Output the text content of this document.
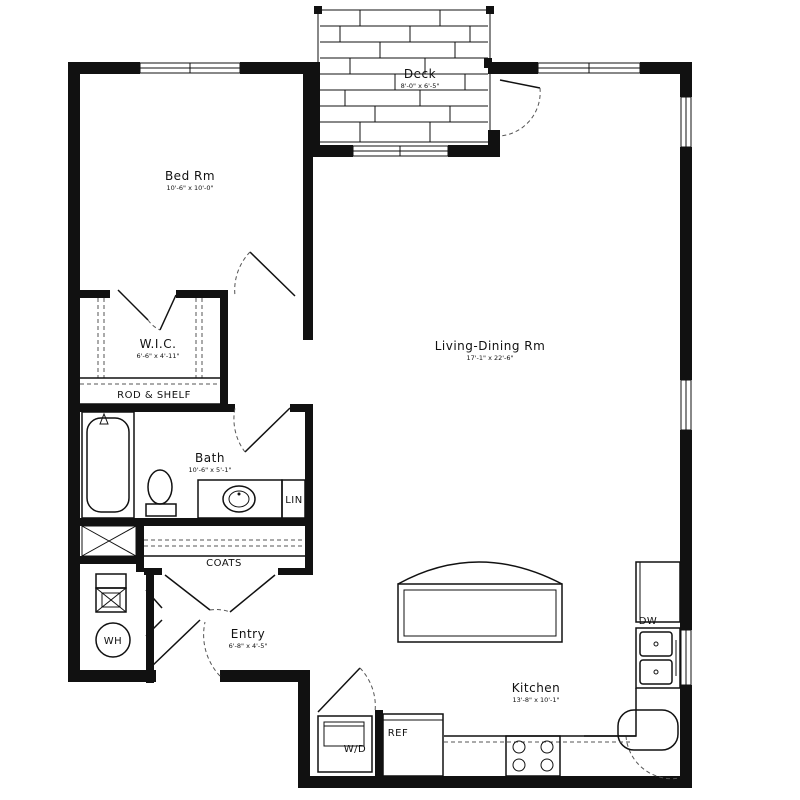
Deck
8'-0" x 6'-5"
WH
Bed Rm
10'-6" x 10'-0"
W.I.C.
6'-6" x 4'-11"
ROD & SHELF
Living-Dining Rm
17'-1" x 22'-6"
Bath
10'-6" x 5'-1"
LIN
COATS
Entry
6'-8" x 4'-5"
DW
Kitchen
13'-8" x 10'-1"
REF
W/D
